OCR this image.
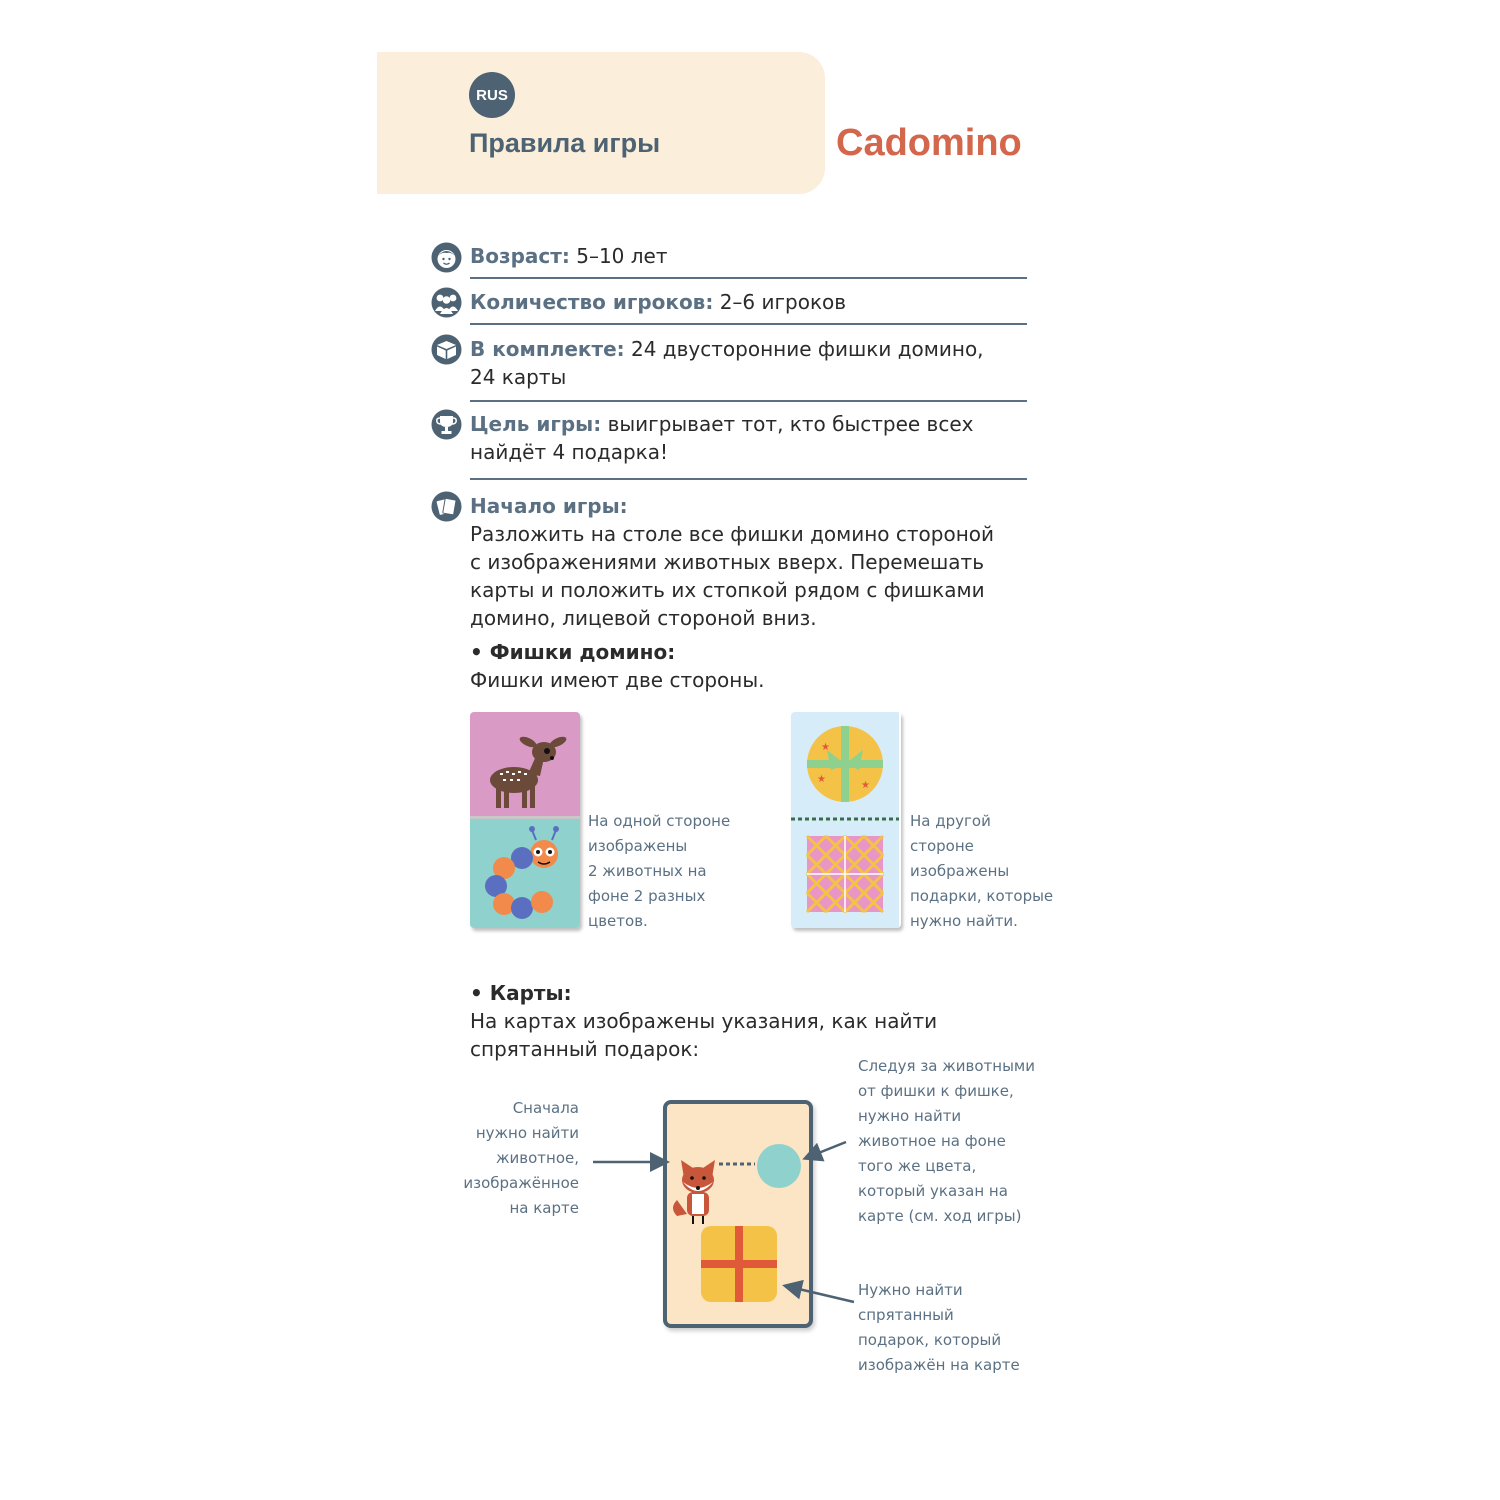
RUS
Правила игры	Cadomino
Возраст: 5–10 лет
Количество игроков: 2–6 игроков
В комплекте: 24 двусторонние фишки домино,
24 карты
Цель игры: выигрывает тот, кто быстрее всех
найдёт 4 подарка!
Начало игры:
Разложить на столе все фишки домино стороной
с изображениями животных вверх. Перемешать
карты и положить их стопкой рядом с фишками
домино, лицевой стороной вниз.
• Фишки домино:
Фишки имеют две стороны.
На одной стороне
изображены
2 животных на
фоне 2 разных
цветов.
★
★
★
На другой
стороне
изображены
подарки, которые
нужно найти.
• Карты:
На картах изображены указания, как найти
спрятанный подарок:
Сначала
нужно найти
животное,
изображённое
на карте
Следуя за животными
от фишки к фишке,
нужно найти
животное на фоне
того же цвета,
который указан на
карте (см. ход игры)
Нужно найти
спрятанный
подарок, который
изображён на карте
